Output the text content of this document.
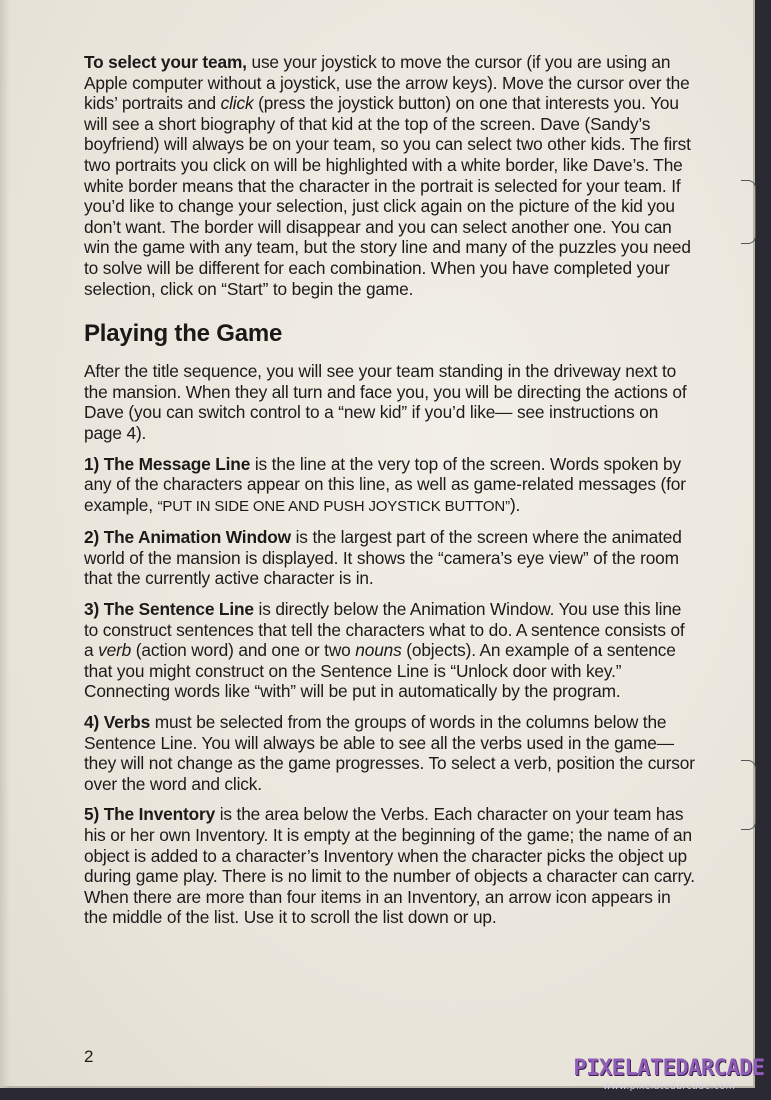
To select your team, use your joystick to move the cursor (if you are using an Apple computer without a joystick, use the arrow keys). Move the cursor over the kids’ portraits and click (press the joystick button) on one that interests you. You will see a short biography of that kid at the top of the screen. Dave (Sandy’s boyfriend) will always be on your team, so you can select two other kids. The first two portraits you click on will be highlighted with a white border, like Dave’s. The white border means that the character in the portrait is selected for your team. If you’d like to change your selection, just click again on the picture of the kid you don’t want. The border will disappear and you can select another one. You can win the game with any team, but the story line and many of the puzzles you need to solve will be different for each combination. When you have completed your selection, click on “Start” to begin the game.

Playing the Game

After the title sequence, you will see your team standing in the driveway next to the mansion. When they all turn and face you, you will be directing the actions of Dave (you can switch control to a “new kid” if you’d like— see instructions on page 4).

1) The Message Line is the line at the very top of the screen. Words spoken by any of the characters appear on this line, as well as game-related messages (for example, “PUT IN SIDE ONE AND PUSH JOYSTICK BUTTON”).

2) The Animation Window is the largest part of the screen where the animated world of the mansion is displayed. It shows the “camera’s eye view” of the room that the currently active character is in.

3) The Sentence Line is directly below the Animation Window. You use this line to construct sentences that tell the characters what to do. A sentence consists of a verb (action word) and one or two nouns (objects). An example of a sentence that you might construct on the Sentence Line is “Unlock door with key.” Connecting words like “with” will be put in automatically by the program.

4) Verbs must be selected from the groups of words in the columns below the Sentence Line. You will always be able to see all the verbs used in the game—they will not change as the game progresses. To select a verb, position the cursor over the word and click.

5) The Inventory is the area below the Verbs. Each character on your team has his or her own Inventory. It is empty at the beginning of the game; the name of an object is added to a character’s Inventory when the character picks the object up during game play. There is no limit to the number of objects a character can carry. When there are more than four items in an Inventory, an arrow icon appears in the middle of the list. Use it to scroll the list down or up.

2	PIXELATEDARCADE
www.pixelatedarcade.com
